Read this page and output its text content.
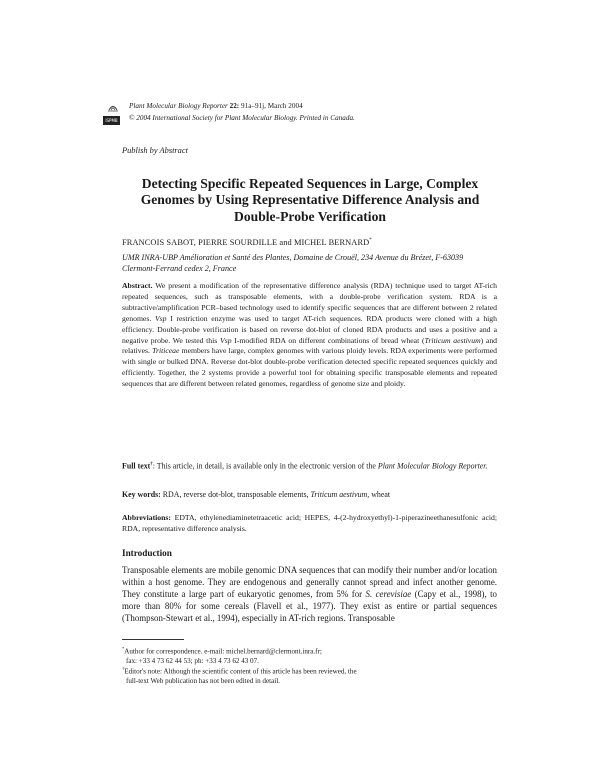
ISPMB
Plant Molecular Biology Reporter 22: 91a–91j, March 2004
© 2004 International Society for Plant Molecular Biology. Printed in Canada.
Publish by Abstract
Detecting Specific Repeated Sequences in Large, Complex Genomes by Using Representative Difference Analysis and Double-Probe Verification
FRANCOIS SABOT, PIERRE SOURDILLE and MICHEL BERNARD*
UMR INRA-UBP Amélioration et Santé des Plantes, Domaine de Crouël, 234 Avenue du Brézet, F-63039 Clermont-Ferrand cedex 2, France
Abstract. We present a modification of the representative difference analysis (RDA) technique used to target AT-rich repeated sequences, such as transposable elements, with a double-probe verification system. RDA is a subtractive/amplification PCR–based technology used to identify specific sequences that are different between 2 related genomes. Vsp I restriction enzyme was used to target AT-rich sequences. RDA products were cloned with a high efficiency. Double-probe verification is based on reverse dot-blot of cloned RDA products and uses a positive and a negative probe. We tested this Vsp I-modified RDA on different combinations of bread wheat (Triticum aestivum) and relatives. Triticeae members have large, complex genomes with various ploidy levels. RDA experiments were performed with single or bulked DNA. Reverse dot-blot double-probe verification detected specific repeated sequences quickly and efficiently. Together, the 2 systems provide a powerful tool for obtaining specific transposable elements and repeated sequences that are different between related genomes, regardless of genome size and ploidy.
Full text†: This article, in detail, is available only in the electronic version of the Plant Molecular Biology Reporter.
Key words: RDA, reverse dot-blot, transposable elements, Triticum aestivum, wheat
Abbreviations: EDTA, ethylenediaminetetraacetic acid; HEPES, 4-(2-hydroxyethyl)-1-piperazineethanesulfonic acid; RDA, representative difference analysis.
Introduction
Transposable elements are mobile genomic DNA sequences that can modify their number and/or location within a host genome. They are endogenous and generally cannot spread and infect another genome. They constitute a large part of eukaryotic genomes, from 5% for S. cerevisiae (Capy et al., 1998), to more than 80% for some cereals (Flavell et al., 1977). They exist as entire or partial sequences (Thompson-Stewart et al., 1994), especially in AT-rich regions. Transposable
*Author for correspondence. e-mail: michel.bernard@clermont.inra.fr;
fax: +33 4 73 62 44 53; ph: +33 4 73 62 43 07.
†Editor's note: Although the scientific content of this article has been reviewed, the
full-text Web publication has not been edited in detail.
